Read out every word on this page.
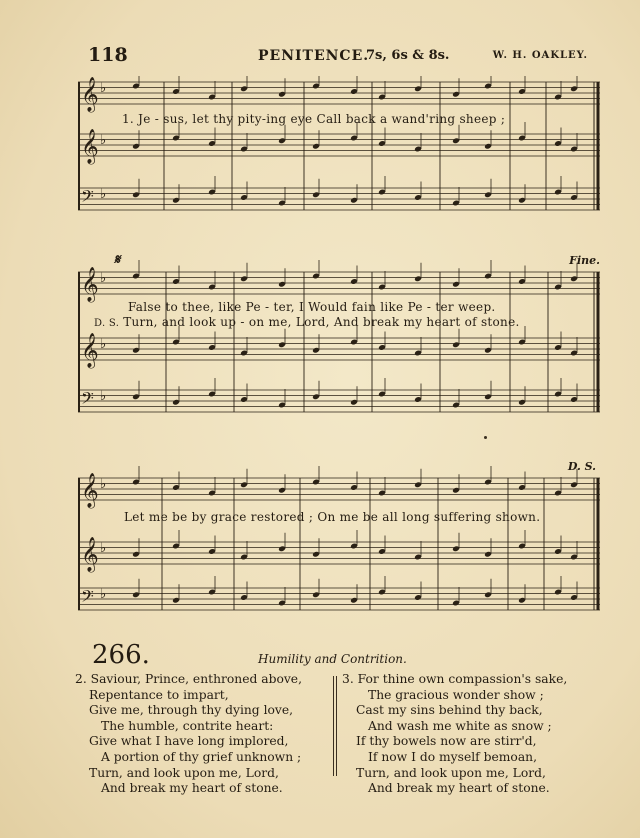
118	PENITENCE.
7s, 6s & 8s.	W. H. OAKLEY.
𝄞 ♭
𝄞 ♭
𝄢 ♭
1. Je - sus, let thy pity-ing eye Call back a wand'ring sheep ;
𝄞 ♭
𝄞 ♭
𝄢 ♭
𝄋	Fine.
False to thee, like Pe - ter, I Would fain like Pe - ter weep.
D. S. Turn, and look up - on me, Lord, And break my heart of stone.
𝄞 ♭
𝄞 ♭
𝄢 ♭
D. S.
Let me be by grace restored ; On me be all long suffering shown.
266.	Humility and Contrition.
2. Saviour, Prince, enthroned above,
Repentance to impart,
Give me, through thy dying love,
The humble, contrite heart:
Give what I have long implored,
A portion of thy grief unknown ;
Turn, and look upon me, Lord,
And break my heart of stone.
3. For thine own compassion's sake,
The gracious wonder show ;
Cast my sins behind thy back,
And wash me white as snow ;
If thy bowels now are stirr'd,
If now I do myself bemoan,
Turn, and look upon me, Lord,
And break my heart of stone.
